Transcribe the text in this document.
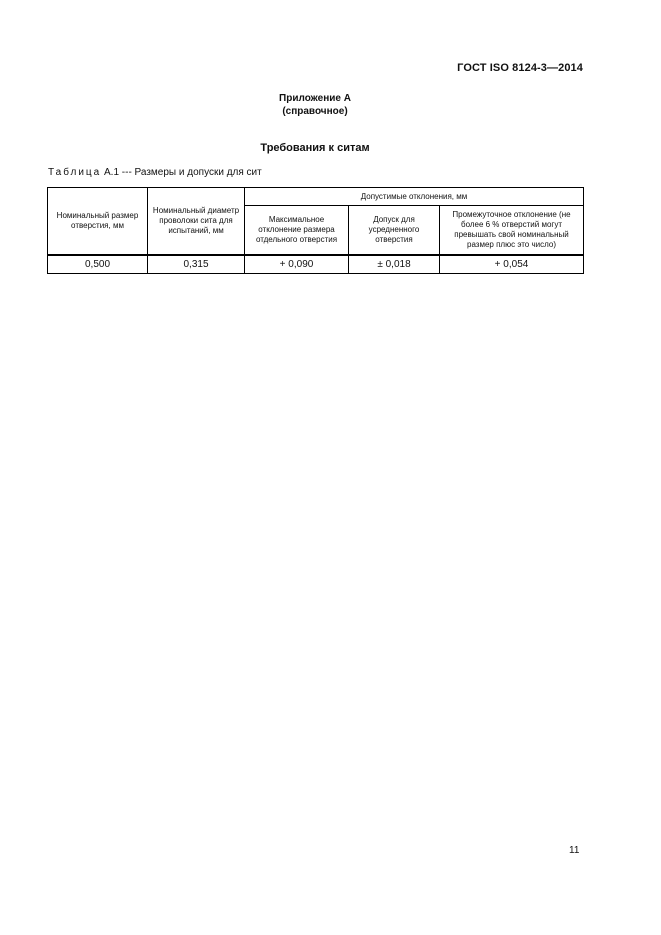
ГОСТ ISO 8124-3—2014
Приложение А
(справочное)
Требования к ситам
Таблица А.1 --- Размеры и допуски для сит
Номинальный размер отверстия, мм	Номинальный диаметр проволоки сита для испытаний, мм	Допустимые отклонения, мм		
		Максимальное отклонение размера отдельного отверстия	Допуск для усредненного отверстия	Промежуточное отклонение (не более 6 % отверстий могут превышать свой номинальный размер плюс это число)
0,500	0,315	+ 0,090	± 0,018	+ 0,054
11
